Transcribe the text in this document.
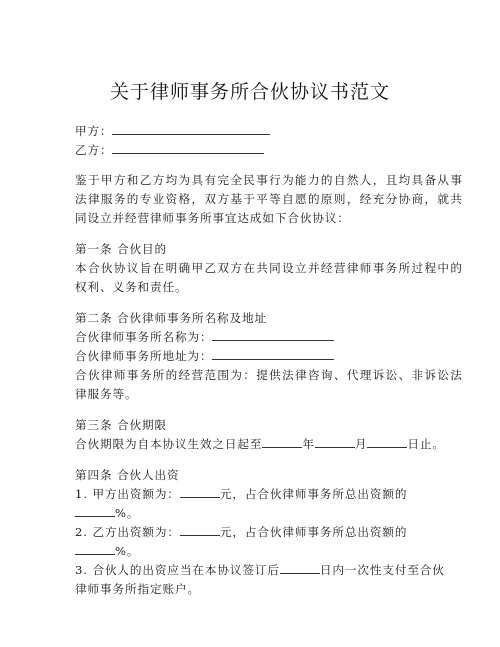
关于律师事务所合伙协议书范文
甲方：
乙方：
鉴于甲方和乙方均为具有完全民事行为能力的自然人，且均具备从事
法律服务的专业资格，双方基于平等自愿的原则，经充分协商，就共
同设立并经营律师事务所事宜达成如下合伙协议：
第一条 合伙目的
本合伙协议旨在明确甲乙双方在共同设立并经营律师事务所过程中的
权利、义务和责任。
第二条 合伙律师事务所名称及地址
合伙律师事务所名称为：
合伙律师事务所地址为：
合伙律师事务所的经营范围为：提供法律咨询、代理诉讼、非诉讼法
律服务等。
第三条 合伙期限
合伙期限为自本协议生效之日起至	年	月	日止。
第四条 合伙人出资
1. 甲方出资额为：	元，占合伙律师事务所总出资额的
%。
2. 乙方出资额为：	元，占合伙律师事务所总出资额的
%。
3. 合伙人的出资应当在本协议签订后	日内一次性支付至合伙
律师事务所指定账户。
